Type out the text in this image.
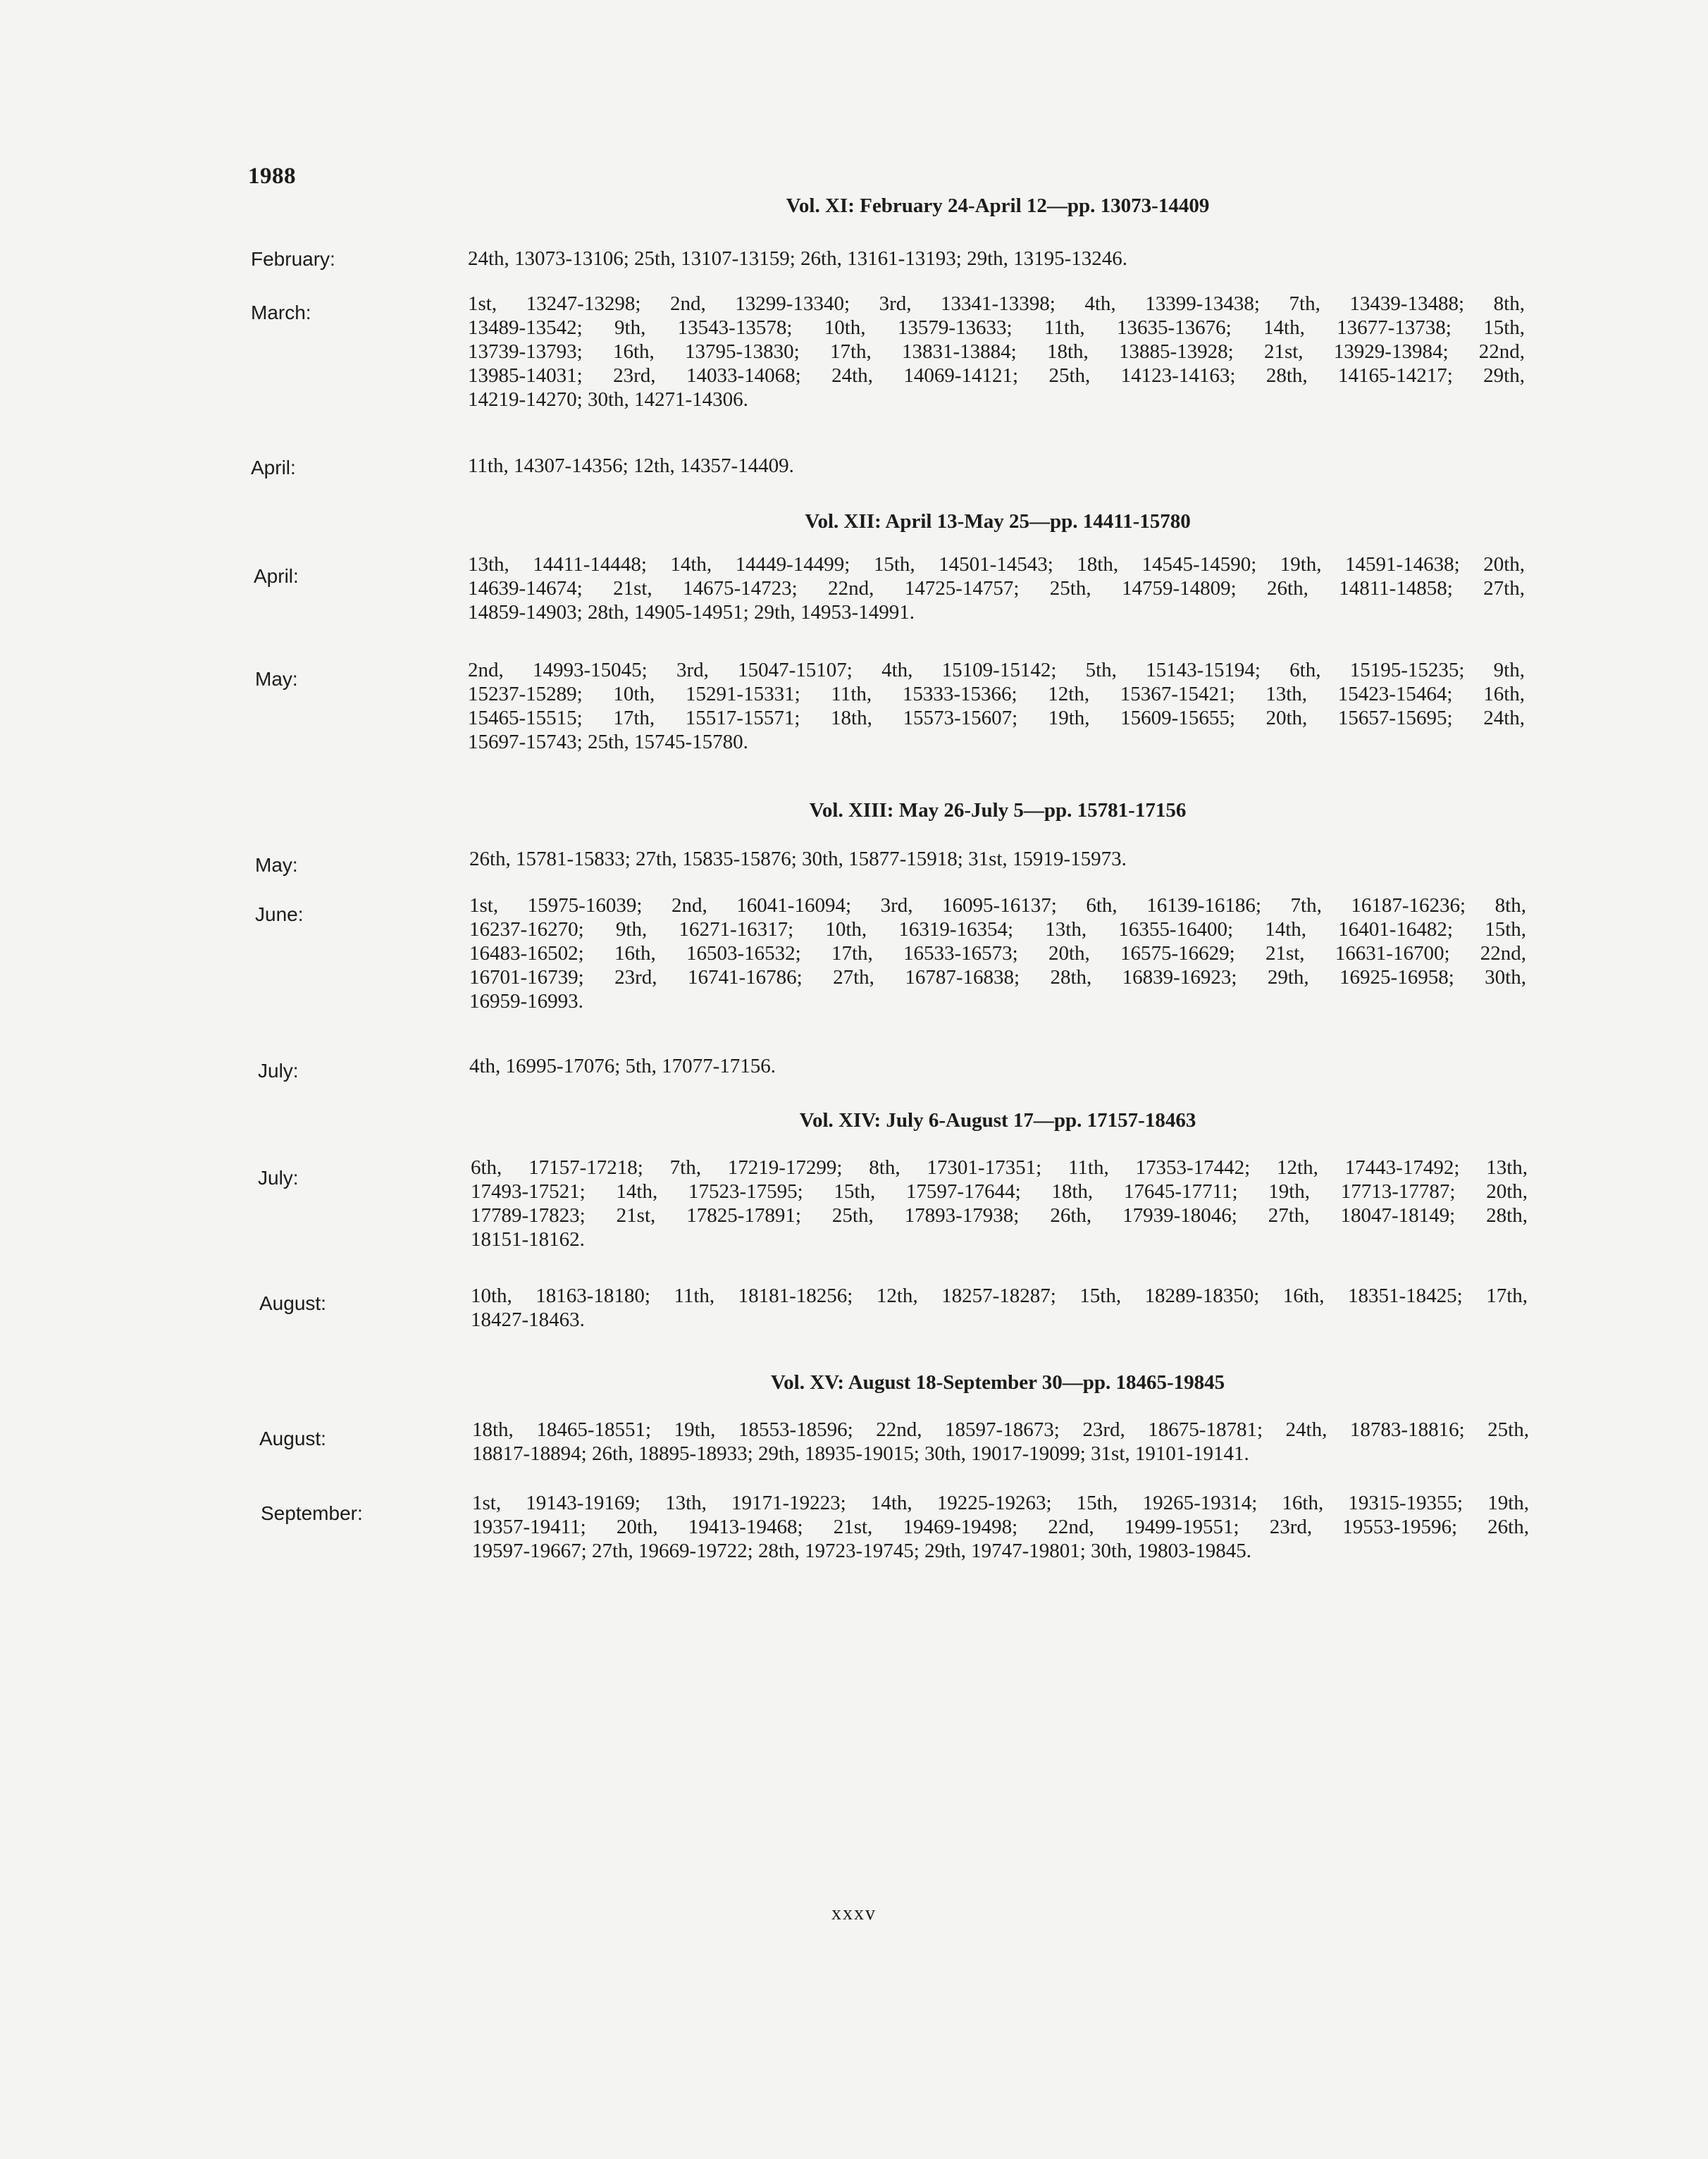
1988
Vol. XI: February 24-April 12—pp. 13073-14409
February:	24th, 13073-13106; 25th, 13107-13159; 26th, 13161-13193; 29th, 13195-13246.
March:	1st, 13247-13298; 2nd, 13299-13340; 3rd, 13341-13398; 4th, 13399-13438; 7th, 13439-13488; 8th,
13489-13542; 9th, 13543-13578; 10th, 13579-13633; 11th, 13635-13676; 14th, 13677-13738; 15th,
13739-13793; 16th, 13795-13830; 17th, 13831-13884; 18th, 13885-13928; 21st, 13929-13984; 22nd,
13985-14031; 23rd, 14033-14068; 24th, 14069-14121; 25th, 14123-14163; 28th, 14165-14217; 29th,
14219-14270; 30th, 14271-14306.
April:	11th, 14307-14356; 12th, 14357-14409.
Vol. XII: April 13-May 25—pp. 14411-15780
April:
13th, 14411-14448; 14th, 14449-14499; 15th, 14501-14543; 18th, 14545-14590; 19th, 14591-14638; 20th,
14639-14674; 21st, 14675-14723; 22nd, 14725-14757; 25th, 14759-14809; 26th, 14811-14858; 27th,
14859-14903; 28th, 14905-14951; 29th, 14953-14991.
May:	2nd, 14993-15045; 3rd, 15047-15107; 4th, 15109-15142; 5th, 15143-15194; 6th, 15195-15235; 9th,
15237-15289; 10th, 15291-15331; 11th, 15333-15366; 12th, 15367-15421; 13th, 15423-15464; 16th,
15465-15515; 17th, 15517-15571; 18th, 15573-15607; 19th, 15609-15655; 20th, 15657-15695; 24th,
15697-15743; 25th, 15745-15780.
Vol. XIII: May 26-July 5—pp. 15781-17156
May:	26th, 15781-15833; 27th, 15835-15876; 30th, 15877-15918; 31st, 15919-15973.
June:	1st, 15975-16039; 2nd, 16041-16094; 3rd, 16095-16137; 6th, 16139-16186; 7th, 16187-16236; 8th,
16237-16270; 9th, 16271-16317; 10th, 16319-16354; 13th, 16355-16400; 14th, 16401-16482; 15th,
16483-16502; 16th, 16503-16532; 17th, 16533-16573; 20th, 16575-16629; 21st, 16631-16700; 22nd,
16701-16739; 23rd, 16741-16786; 27th, 16787-16838; 28th, 16839-16923; 29th, 16925-16958; 30th,
16959-16993.
July:	4th, 16995-17076; 5th, 17077-17156.
Vol. XIV: July 6-August 17—pp. 17157-18463
July:	6th, 17157-17218; 7th, 17219-17299; 8th, 17301-17351; 11th, 17353-17442; 12th, 17443-17492; 13th,
17493-17521; 14th, 17523-17595; 15th, 17597-17644; 18th, 17645-17711; 19th, 17713-17787; 20th,
17789-17823; 21st, 17825-17891; 25th, 17893-17938; 26th, 17939-18046; 27th, 18047-18149; 28th,
18151-18162.
August:	10th, 18163-18180; 11th, 18181-18256; 12th, 18257-18287; 15th, 18289-18350; 16th, 18351-18425; 17th,
18427-18463.
Vol. XV: August 18-September 30—pp. 18465-19845
August:	18th, 18465-18551; 19th, 18553-18596; 22nd, 18597-18673; 23rd, 18675-18781; 24th, 18783-18816; 25th,
18817-18894; 26th, 18895-18933; 29th, 18935-19015; 30th, 19017-19099; 31st, 19101-19141.
September:	1st, 19143-19169; 13th, 19171-19223; 14th, 19225-19263; 15th, 19265-19314; 16th, 19315-19355; 19th,
19357-19411; 20th, 19413-19468; 21st, 19469-19498; 22nd, 19499-19551; 23rd, 19553-19596; 26th,
19597-19667; 27th, 19669-19722; 28th, 19723-19745; 29th, 19747-19801; 30th, 19803-19845.
xxxv
